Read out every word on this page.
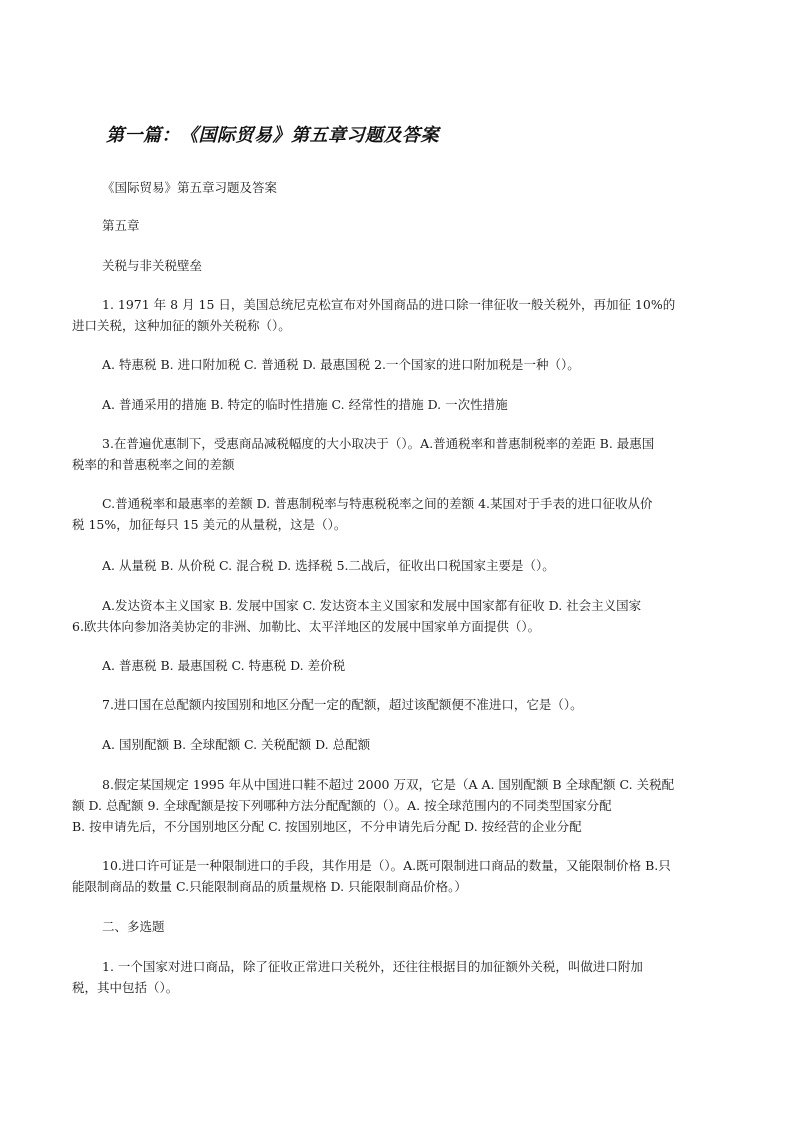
第一篇：《国际贸易》第五章习题及答案

《国际贸易》第五章习题及答案

第五章

关税与非关税壁垒

1. 1971 年 8 月 15 日，美国总统尼克松宣布对外国商品的进口除一律征收一般关税外，再加征 10%的
进口关税，这种加征的额外关税称（）。

A. 特惠税 B. 进口附加税 C. 普通税 D. 最惠国税 2.一个国家的进口附加税是一种（）。

A. 普通采用的措施 B. 特定的临时性措施 C. 经常性的措施 D. 一次性措施

3.在普遍优惠制下，受惠商品减税幅度的大小取决于（）。A.普通税率和普惠制税率的差距 B. 最惠国
税率的和普惠税率之间的差额

C.普通税率和最惠率的差额 D. 普惠制税率与特惠税税率之间的差额 4.某国对于手表的进口征收从价
税 15%，加征每只 15 美元的从量税，这是（）。

A. 从量税 B. 从价税 C. 混合税 D. 选择税 5.二战后，征收出口税国家主要是（）。

A.发达资本主义国家 B. 发展中国家 C. 发达资本主义国家和发展中国家都有征收 D. 社会主义国家
6.欧共体向参加洛美协定的非洲、加勒比、太平洋地区的发展中国家单方面提供（）。

A. 普惠税 B. 最惠国税 C. 特惠税 D. 差价税

7.进口国在总配额内按国别和地区分配一定的配额，超过该配额便不准进口，它是（）。

A. 国别配额 B. 全球配额 C. 关税配额 D. 总配额

8.假定某国规定 1995 年从中国进口鞋不超过 2000 万双，它是（A A. 国别配额 B 全球配额 C. 关税配
额 D. 总配额 9. 全球配额是按下列哪种方法分配配额的（）。A. 按全球范围内的不同类型国家分配
B. 按申请先后，不分国别地区分配 C. 按国别地区，不分申请先后分配 D. 按经营的企业分配

10.进口许可证是一种限制进口的手段，其作用是（）。A.既可限制进口商品的数量，又能限制价格 B.只
能限制商品的数量 C.只能限制商品的质量规格 D. 只能限制商品价格。）

二、多选题

1. 一个国家对进口商品，除了征收正常进口关税外，还往往根据目的加征额外关税，叫做进口附加
税，其中包括（）。
